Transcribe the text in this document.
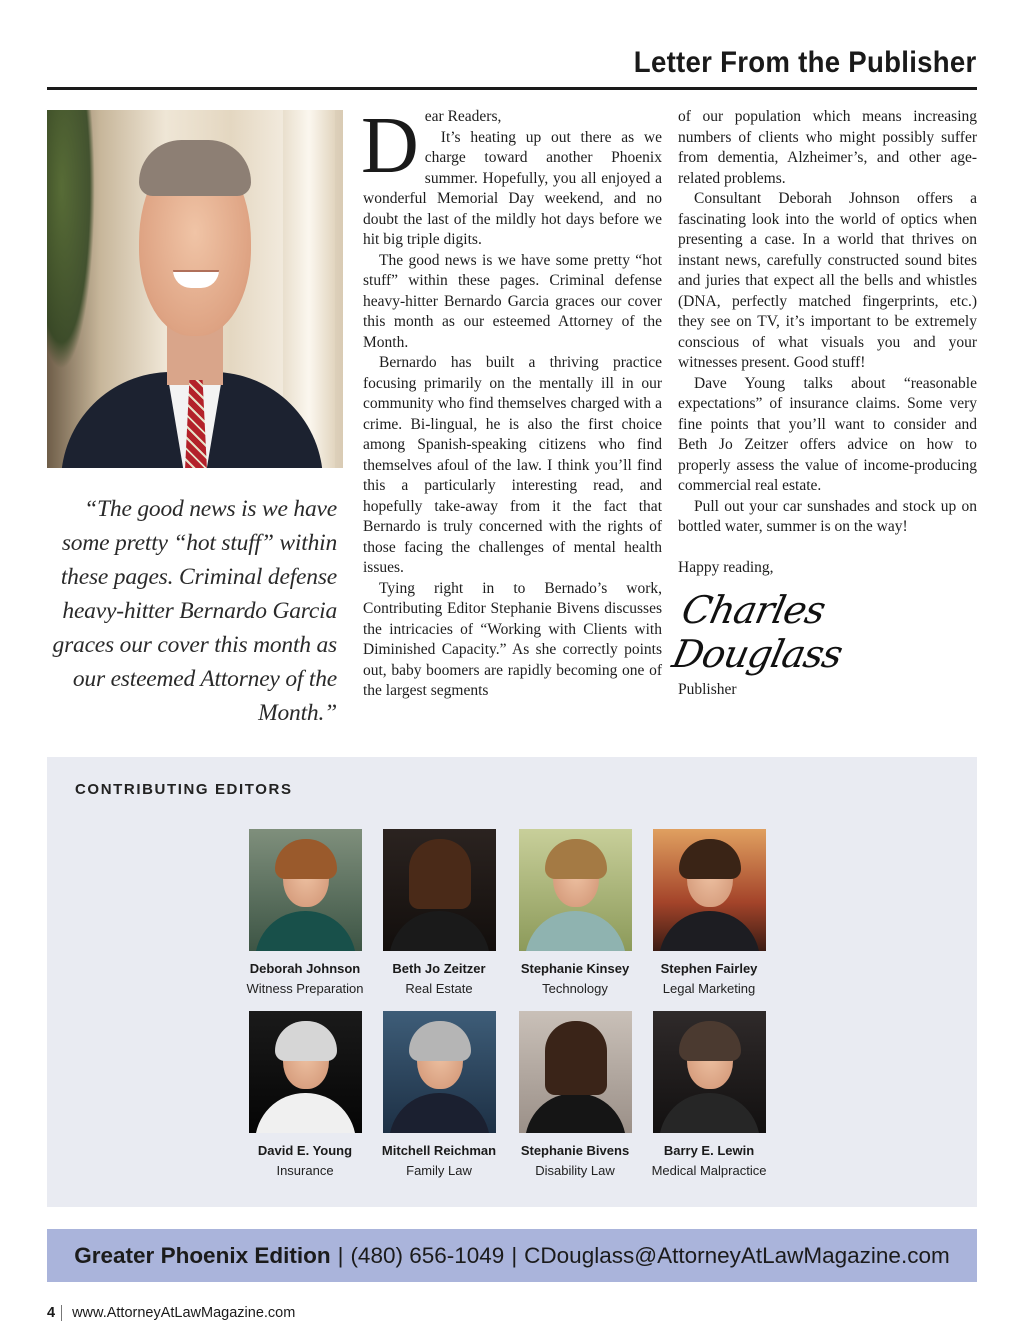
Letter From the Publisher
“The good news is we have some pretty “hot stuff” within these pages. Criminal defense heavy-hitter Bernardo Garcia graces our cover this month as our esteemed Attorney of the Month.”

Dear Readers,

It’s heating up out there as we charge toward another Phoenix summer. Hopefully, you all enjoyed a wonderful Memorial Day weekend, and no doubt the last of the mildly hot days before we hit big triple digits.

The good news is we have some pretty “hot stuff” within these pages. Criminal defense heavy-hitter Bernardo Garcia graces our cover this month as our esteemed Attorney of the Month.

Bernardo has built a thriving practice focusing primarily on the mentally ill in our community who find themselves charged with a crime. Bi-lingual, he is also the first choice among Spanish-speaking citizens who find themselves afoul of the law. I think you’ll find this a particularly interesting read, and hopefully take-away from it the fact that Bernardo is truly concerned with the rights of those facing the challenges of mental health issues.

Tying right in to Bernado’s work, Contributing Editor Stephanie Bivens discusses the intricacies of “Working with Clients with Diminished Capacity.” As she correctly points out, baby boomers are rapidly becoming one of the largest segments

of our population which means increasing numbers of clients who might possibly suffer from dementia, Alzheimer’s, and other age-related problems.

Consultant Deborah Johnson offers a fascinating look into the world of optics when presenting a case. In a world that thrives on instant news, carefully constructed sound bites and juries that expect all the bells and whistles (DNA, perfectly matched fingerprints, etc.) they see on TV, it’s important to be extremely conscious of what visuals you and your witnesses present. Good stuff!

Dave Young talks about “reasonable expectations” of insurance claims. Some very fine points that you’ll want to consider and Beth Jo Zeitzer offers advice on how to properly assess the value of income-producing commercial real estate.

Pull out your car sunshades and stock up on bottled water, summer is on the way!

Happy reading,

Charles Douglass

Publisher

CONTRIBUTING EDITORS
Deborah Johnson
Witness Preparation
Beth Jo Zeitzer
Real Estate
Stephanie Kinsey
Technology
Stephen Fairley
Legal Marketing
David E. Young
Insurance
Mitchell Reichman
Family Law
Stephanie Bivens
Disability Law
Barry E. Lewin
Medical Malpractice
Greater Phoenix Edition | (480) 656-1049 | CDouglass@AttorneyAtLawMagazine.com
4 www.AttorneyAtLawMagazine.com
